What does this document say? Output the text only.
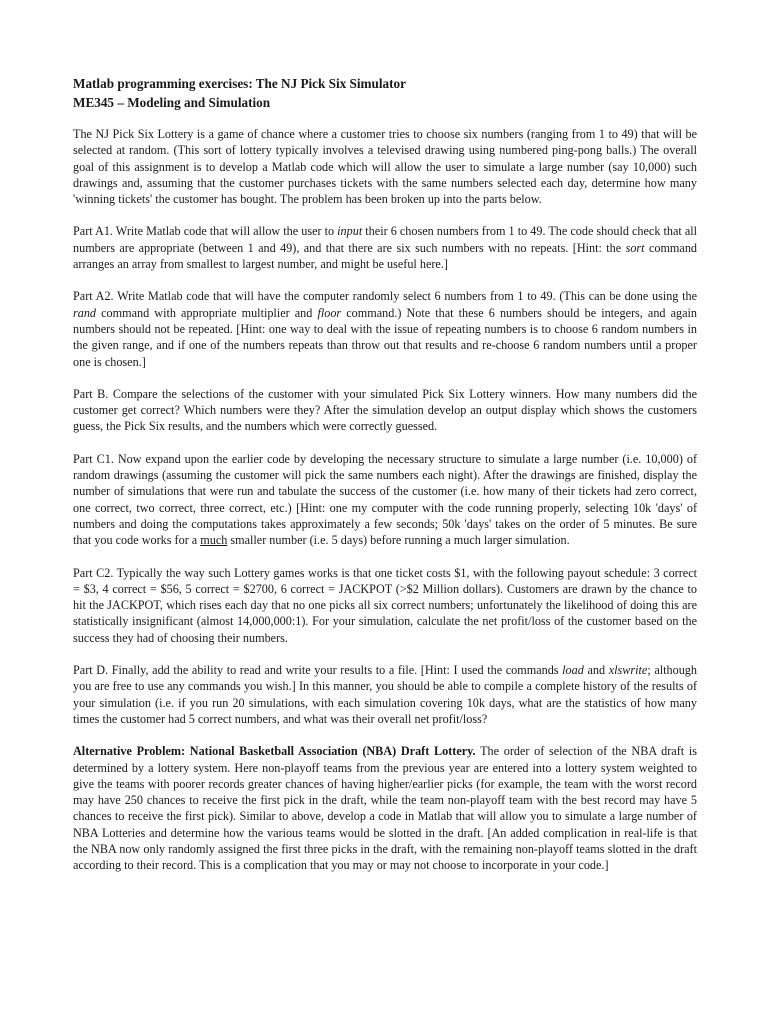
Matlab programming exercises: The NJ Pick Six Simulator
ME345 – Modeling and Simulation

The NJ Pick Six Lottery is a game of chance where a customer tries to choose six numbers (ranging from 1 to 49) that will be selected at random. (This sort of lottery typically involves a televised drawing using numbered ping-pong balls.) The overall goal of this assignment is to develop a Matlab code which will allow the user to simulate a large number (say 10,000) such drawings and, assuming that the customer purchases tickets with the same numbers selected each day, determine how many 'winning tickets' the customer has bought. The problem has been broken up into the parts below.

Part A1. Write Matlab code that will allow the user to input their 6 chosen numbers from 1 to 49. The code should check that all numbers are appropriate (between 1 and 49), and that there are six such numbers with no repeats. [Hint: the sort command arranges an array from smallest to largest number, and might be useful here.]

Part A2. Write Matlab code that will have the computer randomly select 6 numbers from 1 to 49. (This can be done using the rand command with appropriate multiplier and floor command.) Note that these 6 numbers should be integers, and again numbers should not be repeated. [Hint: one way to deal with the issue of repeating numbers is to choose 6 random numbers in the given range, and if one of the numbers repeats than throw out that results and re-choose 6 random numbers until a proper one is chosen.]

Part B. Compare the selections of the customer with your simulated Pick Six Lottery winners. How many numbers did the customer get correct? Which numbers were they? After the simulation develop an output display which shows the customers guess, the Pick Six results, and the numbers which were correctly guessed.

Part C1. Now expand upon the earlier code by developing the necessary structure to simulate a large number (i.e. 10,000) of random drawings (assuming the customer will pick the same numbers each night). After the drawings are finished, display the number of simulations that were run and tabulate the success of the customer (i.e. how many of their tickets had zero correct, one correct, two correct, three correct, etc.) [Hint: one my computer with the code running properly, selecting 10k 'days' of numbers and doing the computations takes approximately a few seconds; 50k 'days' takes on the order of 5 minutes. Be sure that you code works for a much smaller number (i.e. 5 days) before running a much larger simulation.

Part C2. Typically the way such Lottery games works is that one ticket costs $1, with the following payout schedule: 3 correct = $3, 4 correct = $56, 5 correct = $2700, 6 correct = JACKPOT (>$2 Million dollars). Customers are drawn by the chance to hit the JACKPOT, which rises each day that no one picks all six correct numbers; unfortunately the likelihood of doing this are statistically insignificant (almost 14,000,000:1). For your simulation, calculate the net profit/loss of the customer based on the success they had of choosing their numbers.

Part D. Finally, add the ability to read and write your results to a file. [Hint: I used the commands load and xlswrite; although you are free to use any commands you wish.] In this manner, you should be able to compile a complete history of the results of your simulation (i.e. if you run 20 simulations, with each simulation covering 10k days, what are the statistics of how many times the customer had 5 correct numbers, and what was their overall net profit/loss?

Alternative Problem: National Basketball Association (NBA) Draft Lottery. The order of selection of the NBA draft is determined by a lottery system. Here non-playoff teams from the previous year are entered into a lottery system weighted to give the teams with poorer records greater chances of having higher/earlier picks (for example, the team with the worst record may have 250 chances to receive the first pick in the draft, while the team non-playoff team with the best record may have 5 chances to receive the first pick). Similar to above, develop a code in Matlab that will allow you to simulate a large number of NBA Lotteries and determine how the various teams would be slotted in the draft. [An added complication in real-life is that the NBA now only randomly assigned the first three picks in the draft, with the remaining non-playoff teams slotted in the draft according to their record. This is a complication that you may or may not choose to incorporate in your code.]
